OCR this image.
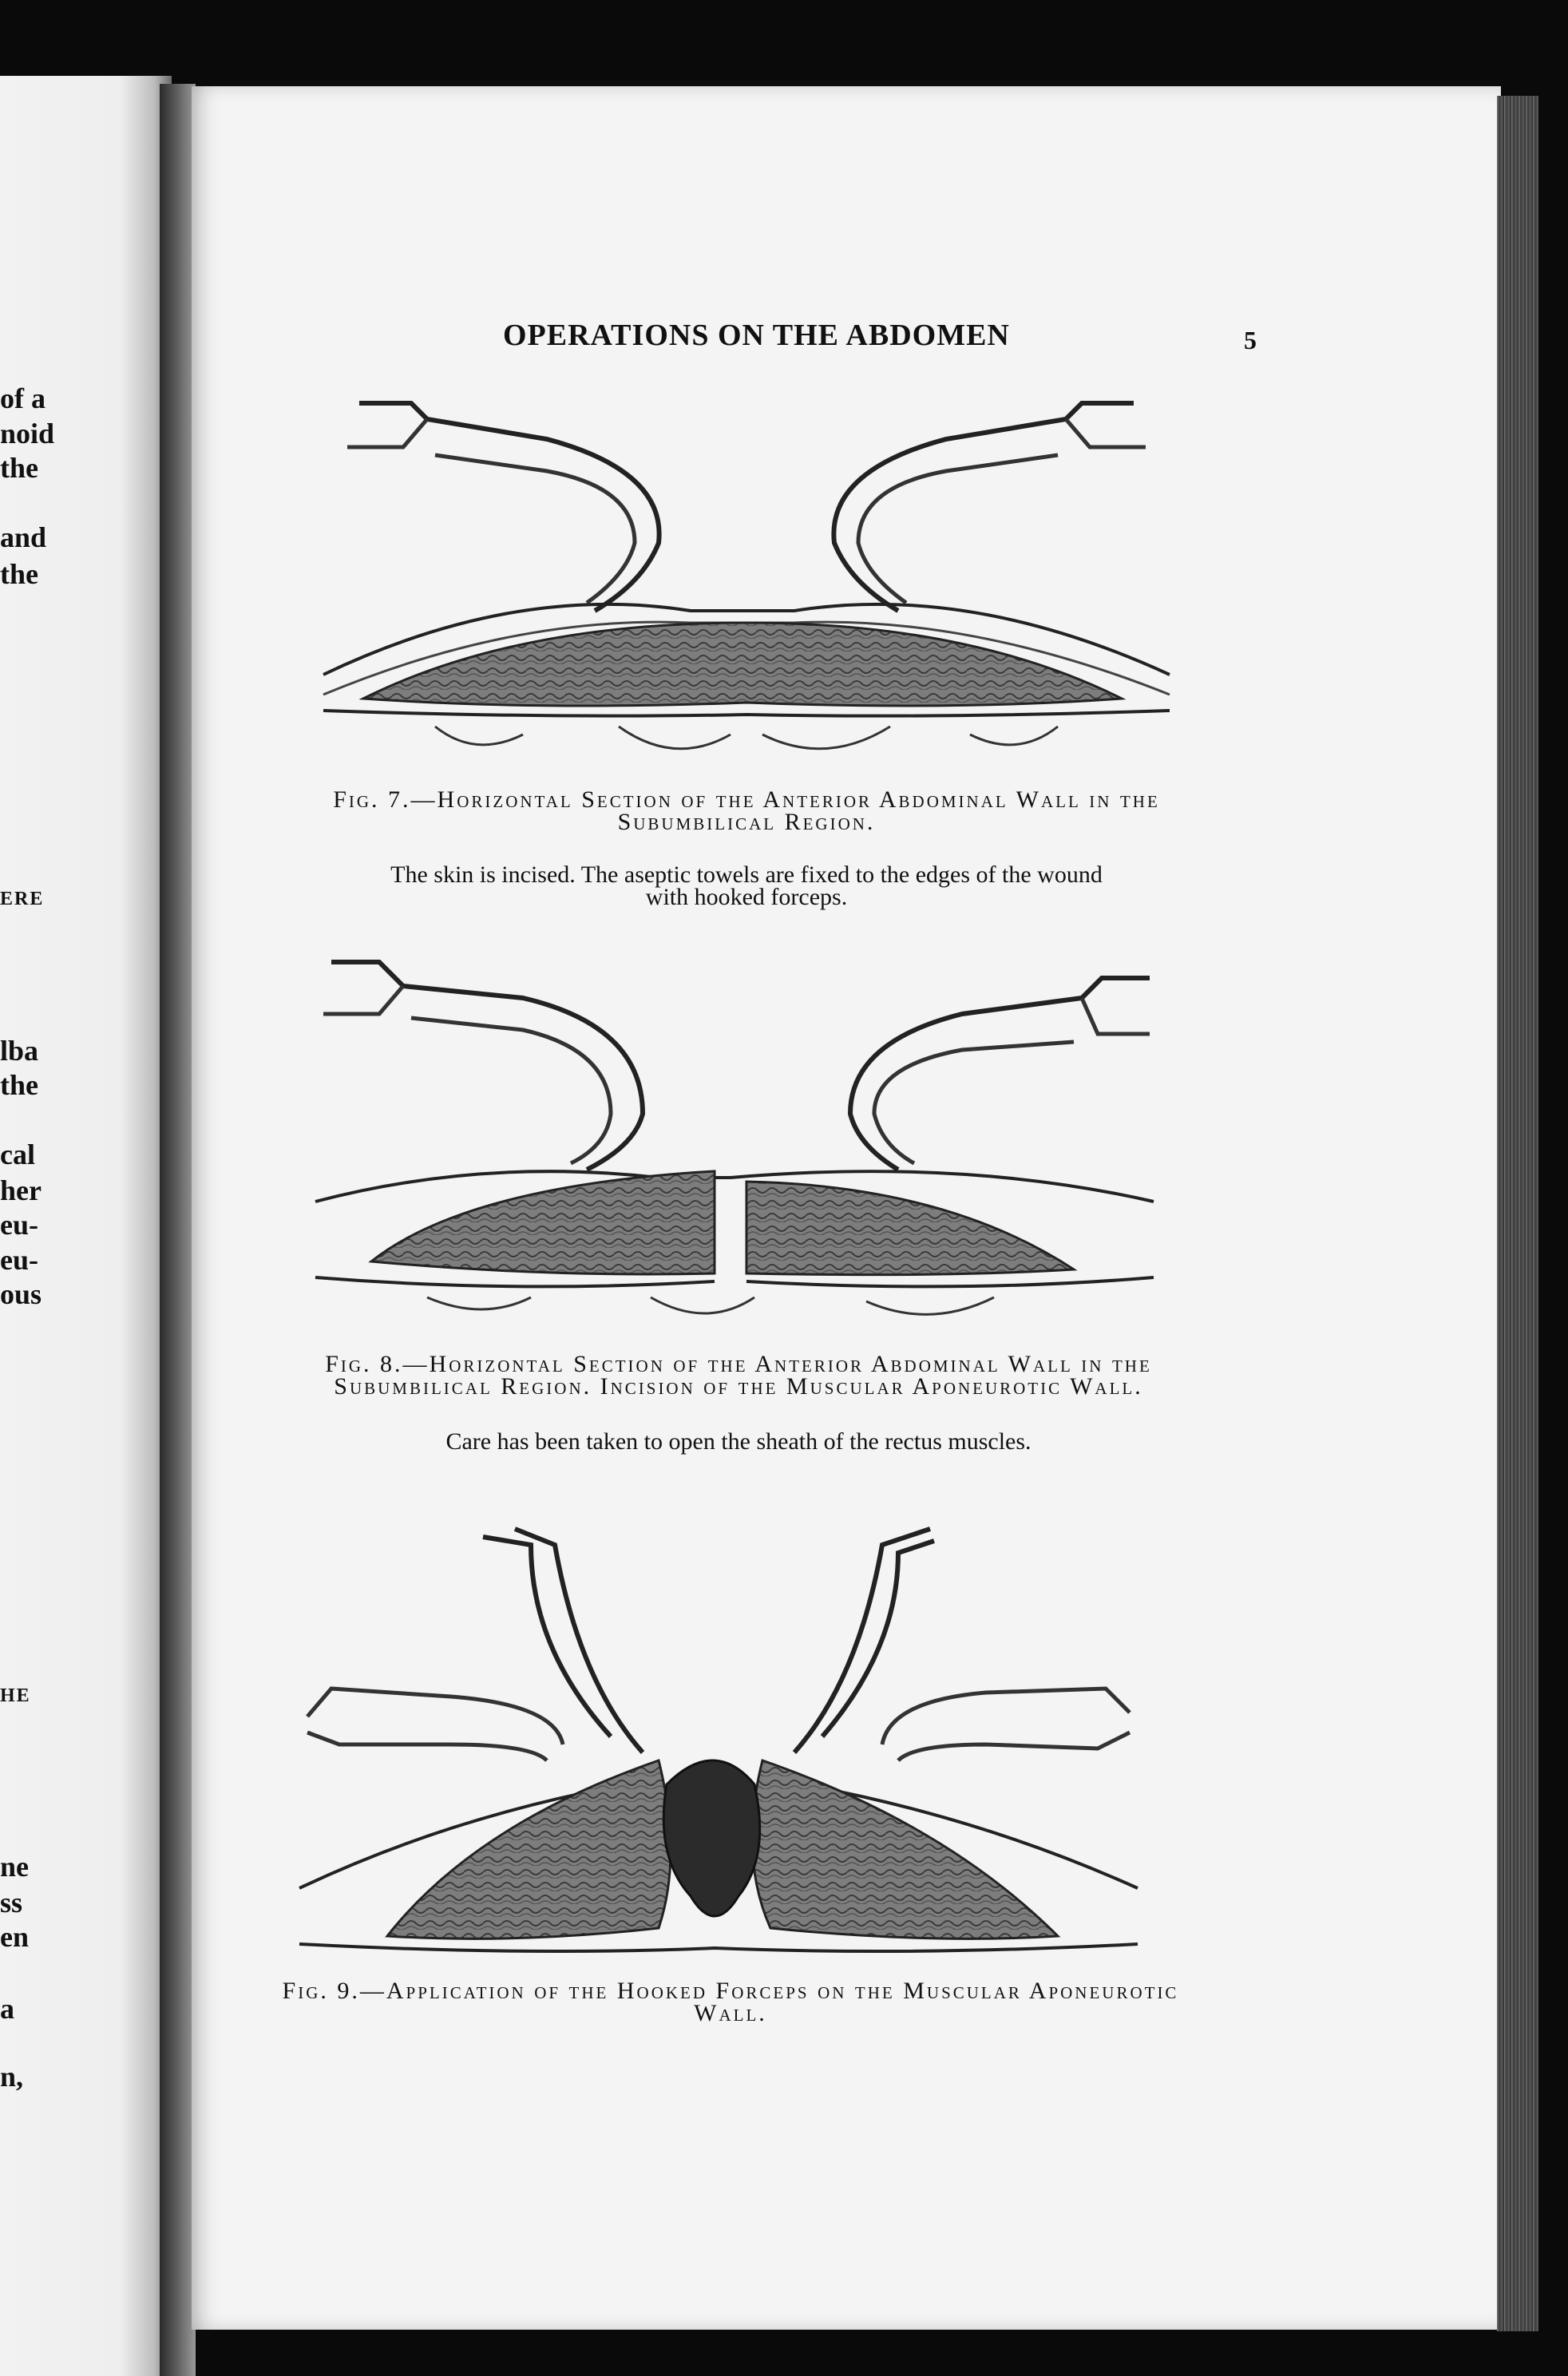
of a
noid
the
and
the
ERE
lba
the
cal
her
eu-
eu-
ous
HE
ne
ss
en
a
n,
OPERATIONS ON THE ABDOMEN	5
Fig. 7.—Horizontal Section of the Anterior Abdominal Wall in the
Subumbilical Region.
The skin is incised. The aseptic towels are fixed to the edges of the wound
with hooked forceps.
Fig. 8.—Horizontal Section of the Anterior Abdominal Wall in the
Subumbilical Region. Incision of the Muscular Aponeurotic Wall.
Care has been taken to open the sheath of the rectus muscles.
Fig. 9.—Application of the Hooked Forceps on the Muscular Aponeurotic
Wall.
